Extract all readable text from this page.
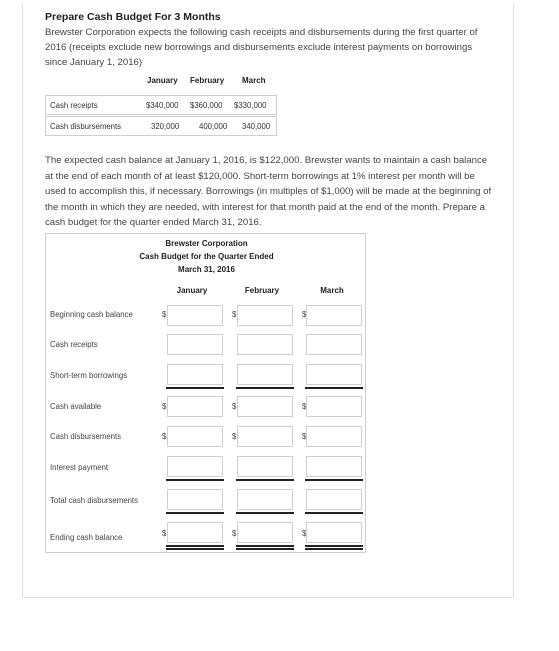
Prepare Cash Budget For 3 Months
Brewster Corporation expects the following cash receipts and disbursements during the first quarter of 2016 (receipts exclude new borrowings and disbursements exclude interest payments on borrowings since January 1, 2016)
January February March
Cash receipts	$340,000 $360,000 $330,000
Cash disbursements	320,000	400,000 340,000
The expected cash balance at January 1, 2016, is $122,000. Brewster wants to maintain a cash balance at the end of each month of at least $120,000. Short-term borrowings at 1% interest per month will be used to accomplish this, if necessary. Borrowings (in multiples of $1,000) will be made at the beginning of the month in which they are needed, with interest for that month paid at the end of the month. Prepare a cash budget for the quarter ended March 31, 2016.
Brewster Corporation
Cash Budget for the Quarter Ended
March 31, 2016
January	February	March
Beginning cash balance	$	$	$
Cash receipts
Short-term borrowings
Cash available	$	$	$
Cash disbursements	$	$	$
Interest payment
Total cash disbursements
Ending cash balance	$	$	$
